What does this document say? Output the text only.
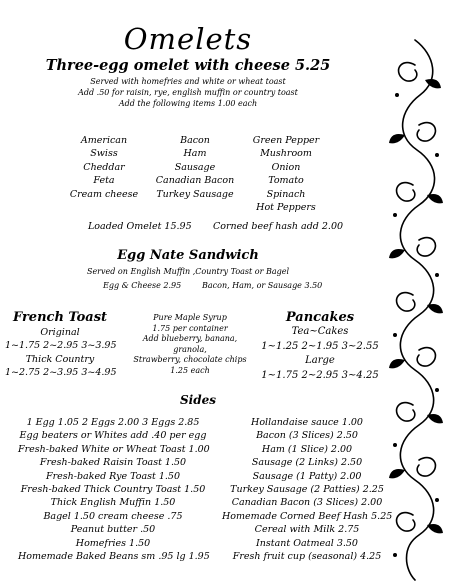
Omelets
Three-egg omelet with cheese 5.25
Served with homefries and white or wheat toast
Add .50 for raisin, rye, english muffin or country toast
Add the following items 1.00 each
American
Swiss
Cheddar
Feta
Cream cheese
Bacon
Ham
Sausage
Canadian Bacon
Turkey Sausage
Green Pepper
Mushroom
Onion
Tomato
Spinach
Hot Peppers
Loaded Omelet 15.95 Corned beef hash add 2.00
Egg Nate Sandwich
Served on English Muffin ,Country Toast or Bagel
Egg & Cheese 2.95	Bacon, Ham, or Sausage 3.50
French Toast
Original
1~1.75 2~2.95 3~3.95
Thick Country
1~2.75 2~3.95 3~4.95
Pure Maple Syrup
1.75 per container
Add blueberry, banana,
granola,
Strawberry, chocolate chips
1.25 each
Pancakes
Tea~Cakes
1~1.25 2~1.95 3~2.55
Large
1~1.75 2~2.95 3~4.25
Sides
1 Egg 1.05 2 Eggs 2.00 3 Eggs 2.85
Egg beaters or Whites add .40 per egg
Fresh-baked White or Wheat Toast 1.00
Fresh-baked Raisin Toast 1.50
Fresh-baked Rye Toast 1.50
Fresh-baked Thick Country Toast 1.50
Thick English Muffin 1.50
Bagel 1.50 cream cheese .75
Peanut butter .50
Homefries 1.50
Homemade Baked Beans sm .95 lg 1.95
Hollandaise sauce 1.00
Bacon (3 Slices) 2.50
Ham (1 Slice) 2.00
Sausage (2 Links) 2.50
Sausage (1 Patty) 2.00
Turkey Sausage (2 Patties) 2.25
Canadian Bacon (3 Slices) 2.00
Homemade Corned Beef Hash 5.25
Cereal with Milk 2.75
Instant Oatmeal 3.50
Fresh fruit cup (seasonal) 4.25
